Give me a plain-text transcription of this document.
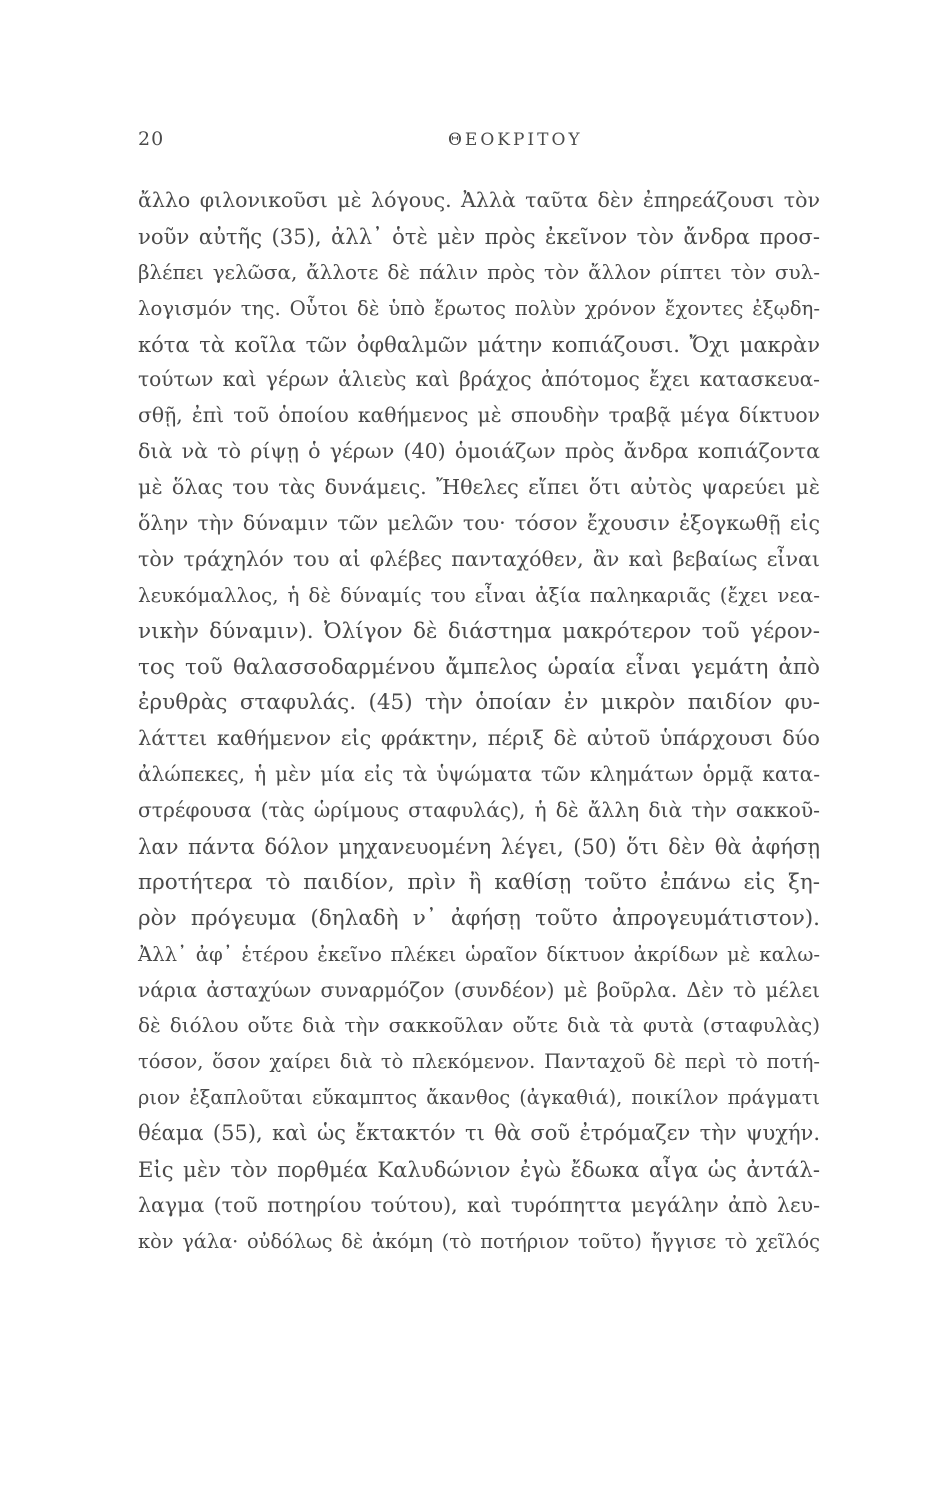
20	ΘΕΟΚΡΙΤΟΥ
ἄλλο φιλονικοῦσι μὲ λόγους. Ἀλλὰ ταῦτα δὲν ἐπηρεάζουσι τὸν
νοῦν αὐτῆς (35), ἀλλ᾽ ὁτὲ μὲν πρὸς ἐκεῖνον τὸν ἄνδρα προσ-
βλέπει γελῶσα, ἄλλοτε δὲ πάλιν πρὸς τὸν ἄλλον ρίπτει τὸν συλ-
λογισμόν της. Οὗτοι δὲ ὑπὸ ἔρωτος πολὺν χρόνον ἔχοντες ἐξῳδη-
κότα τὰ κοῖλα τῶν ὀφθαλμῶν μάτην κοπιάζουσι. Ὄχι μακρὰν
τούτων καὶ γέρων ἁλιεὺς καὶ βράχος ἀπότομος ἔχει κατασκευα-
σθῇ, ἐπὶ τοῦ ὁποίου καθήμενος μὲ σπουδὴν τραβᾷ μέγα δίκτυον
διὰ νὰ τὸ ρίψῃ ὁ γέρων (40) ὁμοιάζων πρὸς ἄνδρα κοπιάζοντα
μὲ ὅλας του τὰς δυνάμεις. Ἤθελες εἴπει ὅτι αὐτὸς ψαρεύει μὲ
ὅλην τὴν δύναμιν τῶν μελῶν του· τόσον ἔχουσιν ἐξογκωθῇ εἰς
τὸν τράχηλόν του αἱ φλέβες πανταχόθεν, ἂν καὶ βεβαίως εἶναι
λευκόμαλλος, ἡ δὲ δύναμίς του εἶναι ἀξία παληκαριᾶς (ἔχει νεα-
νικὴν δύναμιν). Ὀλίγον δὲ διάστημα μακρότερον τοῦ γέρον-
τος τοῦ θαλασσοδαρμένου ἄμπελος ὡραία εἶναι γεμάτη ἀπὸ
ἐρυθρὰς σταφυλάς. (45) τὴν ὁποίαν ἐν μικρὸν παιδίον φυ-
λάττει καθήμενον εἰς φράκτην, πέριξ δὲ αὐτοῦ ὑπάρχουσι δύο
ἀλώπεκες, ἡ μὲν μία εἰς τὰ ὑψώματα τῶν κλημάτων ὁρμᾷ κατα-
στρέφουσα (τὰς ὡρίμους σταφυλάς), ἡ δὲ ἄλλη διὰ τὴν σακκοῦ-
λαν πάντα δόλον μηχανευομένη λέγει, (50) ὅτι δὲν θὰ ἀφήσῃ
προτήτερα τὸ παιδίον, πρὶν ἢ καθίσῃ τοῦτο ἐπάνω εἰς ξη-
ρὸν πρόγευμα (δηλαδὴ ν᾽ ἀφήσῃ τοῦτο ἀπρογευμάτιστον).
Ἀλλ᾽ ἀφ᾽ ἑτέρου ἐκεῖνο πλέκει ὡραῖον δίκτυον ἀκρίδων μὲ καλω-
νάρια ἀσταχύων συναρμόζον (συνδέον) μὲ βοῦρλα. Δὲν τὸ μέλει
δὲ διόλου οὔτε διὰ τὴν σακκοῦλαν οὔτε διὰ τὰ φυτὰ (σταφυλὰς)
τόσον, ὅσον χαίρει διὰ τὸ πλεκόμενον. Πανταχοῦ δὲ περὶ τὸ ποτή-
ριον ἐξαπλοῦται εὔκαμπτος ἄκανθος (ἀγκαθιά), ποικίλον πράγματι
θέαμα (55), καὶ ὡς ἔκτακτόν τι θὰ σοῦ ἐτρόμαζεν τὴν ψυχήν.
Εἰς μὲν τὸν πορθμέα Καλυδώνιον ἐγὼ ἔδωκα αἶγα ὡς ἀντάλ-
λαγμα (τοῦ ποτηρίου τούτου), καὶ τυρόπηττα μεγάλην ἀπὸ λευ-
κὸν γάλα· οὐδόλως δὲ ἀκόμη (τὸ ποτήριον τοῦτο) ἤγγισε τὸ χεῖλός
